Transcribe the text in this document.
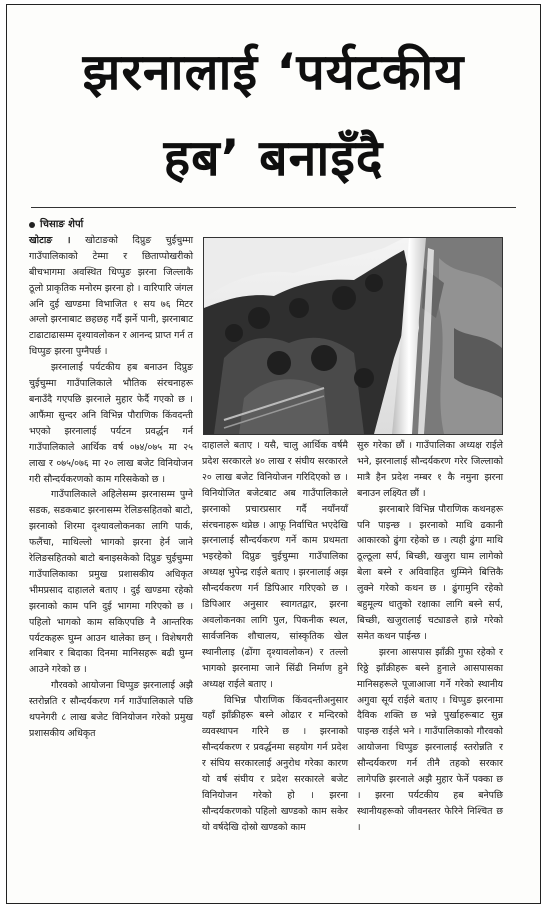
झरनालाई ‘पर्यटकीय
हब’ बनाइँदै
चिसाङ शेर्पा

खोटाङ । खोटाङको दिप्रुङ चुईचुम्मा गाउँपालिकाको टेम्मा र छिताप्पोखरीको बीचभागमा अवस्थित धिप्पुङ झरना जिल्लाकै ठूलो प्राकृतिक मनोरम झरना हो । वारिपारि जंगल अनि दुई खण्डमा विभाजित १ सय ७६ मिटर अग्लो झरनाबाट छहछह गर्दै झर्ने पानी, झरनाबाट टाढाटाढासम्म दृश्यावलोकन र आनन्द प्राप्त गर्न त धिप्पुङ झरना पुग्नैपर्छ ।

झरनालाई पर्यटकीय हब बनाउन दिप्रुङ चुईचुम्मा गाउँपालिकाले भौतिक संरचनाहरू बनाउँदै गएपछि झरनाले मुहार फेर्दै गएको छ । आफैंमा सुन्दर अनि विभिन्न पौराणिक किंवदन्ती भएको झरनालाई पर्यटन प्रवर्द्धन गर्न गाउँपालिकाले आर्थिक वर्ष ०७४/०७५ मा २५ लाख र ०७५/०७६ मा २० लाख बजेट विनियोजन गरी सौन्दर्यकरणको काम गरिसकेको छ ।

गाउँपालिकाले अहिलेसम्म झरनासम्म पुग्ने सडक, सडकबाट झरनासम्म रेलिङसहितको बाटो, झरनाको शिरमा दृश्यावलोकनका लागि पार्क, फलैंचा, माथिल्लो भागको झरना हेर्न जाने रेलिङसहितको बाटो बनाइसकेको दिप्रुङ चुईचुम्मा गाउँपालिकाका प्रमुख प्रशासकीय अधिकृत भीमप्रसाद दाहालले बताए । दुई खण्डमा रहेको झरनाको काम पनि दुई भागमा गरिएको छ । पहिलो भागको काम सकिएपछि नै आन्तरिक पर्यटकहरू घुम्न आउन थालेका छन् । विशेषगरी शनिबार र बिदाका दिनमा मानिसहरू बढी घुम्न आउने गरेको छ ।

गौरवको आयोजना धिप्पुङ झरनालाई अझै स्तरोन्नति र सौन्दर्यकरण गर्न गाउँपालिकाले पछि थपनेगरी ८ लाख बजेट विनियोजन गरेको प्रमुख प्रशासकीय अधिकृत

दाहालले बताए । यसै, चालु आर्थिक वर्षमै प्रदेश सरकारले ४० लाख र संघीय सरकारले २० लाख बजेट विनियोजन गरिदिएको छ । विनियोजित बजेटबाट अब गाउँपालिकाले झरनाको प्रचारप्रसार गर्दै नयाँनयाँ संरचनाहरू थप्नेछ । आफू निर्वाचित भएदेखि झरनालाई सौन्दर्यकरण गर्ने काम प्रथमता भइरहेको दिप्रुङ चुईचुम्मा गाउँपालिका अध्यक्ष भुपेन्द्र राईले बताए । झरनालाई अझ सौन्दर्यकरण गर्न डिपिआर गरिएको छ । डिपिआर अनुसार स्वागतद्वार, झरना अवलोकनका लागि पुल, पिकनीक स्थल, सार्वजनिक शौचालय, सांस्कृतिक खेल स्थानीलाइ (ढोंगा दृश्यावलोकन) र तल्लो भागको झरनामा जाने सिंढी निर्माण हुने अध्यक्ष राईले बताए ।

विभिन्न पौराणिक किंवदन्तीअनुसार यहाँ झाँक्रीहरू बस्ने ओढार र मन्दिरको व्यवस्थापन गरिने छ । झरनाको सौन्दर्यकरण र प्रवर्द्धनमा सहयोग गर्न प्रदेश र संघिय सरकारलाई अनुरोध गरेका कारण यो वर्ष संघीय र प्रदेश सरकारले बजेट विनियोजन गरेको हो । झरना सौन्दर्यकरणको पहिलो खण्डको काम सकेर यो वर्षदेखि दोस्रो खण्डको काम

सुरु गरेका छौं । गाउँपालिका अध्यक्ष राईले भने, झरनालाई सौन्दर्यकरण गरेर जिल्लाको मात्रै हैन प्रदेश नम्बर १ कै नमुना झरना बनाउन लक्ष्यित छौं ।

झरनाबारे विभिन्न पौराणिक कथनहरू पनि पाइन्छ । झरनाको माथि ढकानी आकारको ढुंगा रहेको छ । त्यही ढुंगा माथि ठूल्ठूला सर्प, बिच्छी, खजुरा घाम लागेको बेला बस्ने र अविवाहित धुम्मिने बित्तिकै लुक्ने गरेको कथन छ । ढुंगामुनि रहेको बहुमूल्य धातुको रक्षाका लागि बस्ने सर्प, बिच्छी, खजुरालाई चट्याङले हान्ने गरेको समेत कथन पाईन्छ ।

झरना आसपास झाँक्री गुफा रहेको र रिठ्ठे झाँक्रीहरू बस्ने हुनाले आसपासका मानिसहरूले पूजाआजा गर्ने गरेको स्थानीय अगुवा सूर्य राईले बताए । धिप्पुङ झरनामा दैविक शक्ति छ भन्ने पुर्खाहरूबाट सुन्न पाइन्छ राईले भने । गाउँपालिकाको गौरवको आयोजना धिप्पुङ झरनालाई स्तरोन्नति र सौन्दर्यकरण गर्न तीनै तहको सरकार लागेपछि झरनाले अझै मुहार फेर्ने पक्का छ । झरना पर्यटकीय हब बनेपछि स्थानीयहरूको जीवनस्तर फेरिने निश्चित छ ।
